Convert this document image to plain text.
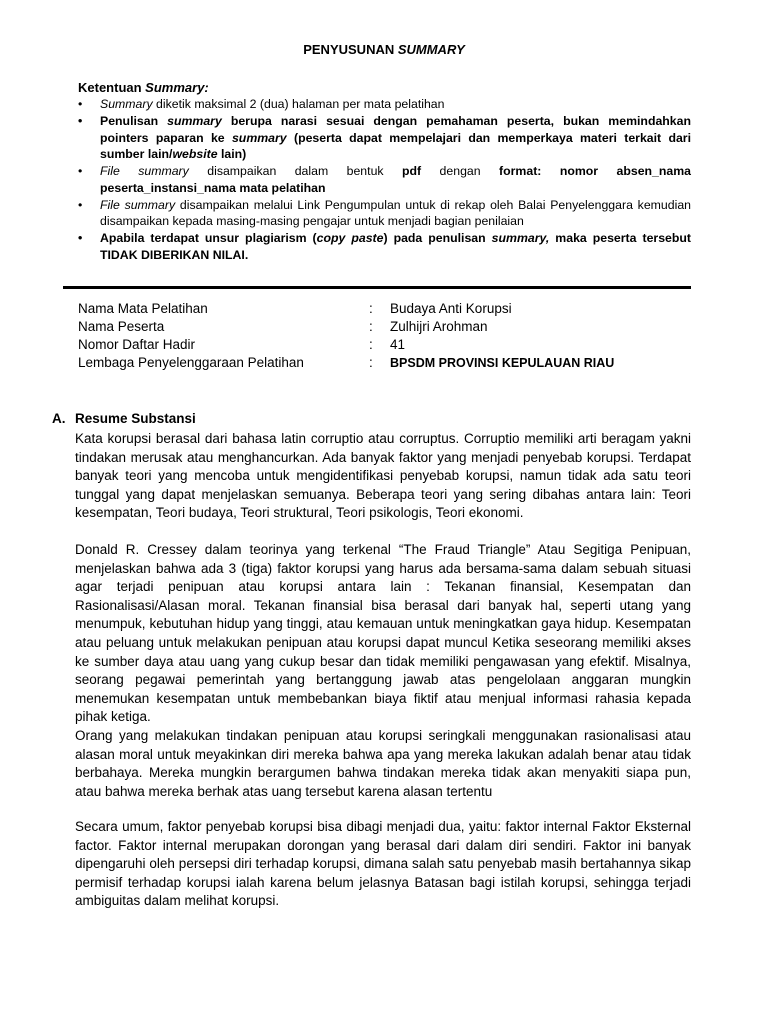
PENYUSUNAN SUMMARY
Ketentuan Summary:
• Summary diketik maksimal 2 (dua) halaman per mata pelatihan
• Penulisan summary berupa narasi sesuai dengan pemahaman peserta, bukan memindahkan pointers paparan ke summary (peserta dapat mempelajari dan memperkaya materi terkait dari sumber lain/website lain)
• File summary disampaikan dalam bentuk pdf dengan format: nomor absen_nama peserta_instansi_nama mata pelatihan
• File summary disampaikan melalui Link Pengumpulan untuk di rekap oleh Balai Penyelenggara kemudian disampaikan kepada masing-masing pengajar untuk menjadi bagian penilaian
• Apabila terdapat unsur plagiarism (copy paste) pada penulisan summary, maka peserta tersebut TIDAK DIBERIKAN NILAI.
Nama Mata Pelatihan	: Budaya Anti Korupsi
Nama Peserta	: Zulhijri Arohman
Nomor Daftar Hadir	: 41
Lembaga Penyelenggaraan Pelatihan	: BPSDM PROVINSI KEPULAUAN RIAU
A. Resume Substansi

Kata korupsi berasal dari bahasa latin corruptio atau corruptus. Corruptio memiliki arti beragam yakni tindakan merusak atau menghancurkan. Ada banyak faktor yang menjadi penyebab korupsi. Terdapat banyak teori yang mencoba untuk mengidentifikasi penyebab korupsi, namun tidak ada satu teori tunggal yang dapat menjelaskan semuanya. Beberapa teori yang sering dibahas antara lain: Teori kesempatan, Teori budaya, Teori struktural, Teori psikologis, Teori ekonomi.

Donald R. Cressey dalam teorinya yang terkenal “The Fraud Triangle” Atau Segitiga Penipuan, menjelaskan bahwa ada 3 (tiga) faktor korupsi yang harus ada bersama-sama dalam sebuah situasi agar terjadi penipuan atau korupsi antara lain : Tekanan finansial, Kesempatan dan Rasionalisasi/Alasan moral. Tekanan finansial bisa berasal dari banyak hal, seperti utang yang menumpuk, kebutuhan hidup yang tinggi, atau kemauan untuk meningkatkan gaya hidup. Kesempatan atau peluang untuk melakukan penipuan atau korupsi dapat muncul Ketika seseorang memiliki akses ke sumber daya atau uang yang cukup besar dan tidak memiliki pengawasan yang efektif. Misalnya, seorang pegawai pemerintah yang bertanggung jawab atas pengelolaan anggaran mungkin menemukan kesempatan untuk membebankan biaya fiktif atau menjual informasi rahasia kepada pihak ketiga.
Orang yang melakukan tindakan penipuan atau korupsi seringkali menggunakan rasionalisasi atau alasan moral untuk meyakinkan diri mereka bahwa apa yang mereka lakukan adalah benar atau tidak berbahaya. Mereka mungkin berargumen bahwa tindakan mereka tidak akan menyakiti siapa pun, atau bahwa mereka berhak atas uang tersebut karena alasan tertentu

Secara umum, faktor penyebab korupsi bisa dibagi menjadi dua, yaitu: faktor internal Faktor Eksternal factor. Faktor internal merupakan dorongan yang berasal dari dalam diri sendiri. Faktor ini banyak dipengaruhi oleh persepsi diri terhadap korupsi, dimana salah satu penyebab masih bertahannya sikap permisif terhadap korupsi ialah karena belum jelasnya Batasan bagi istilah korupsi, sehingga terjadi ambiguitas dalam melihat korupsi.
